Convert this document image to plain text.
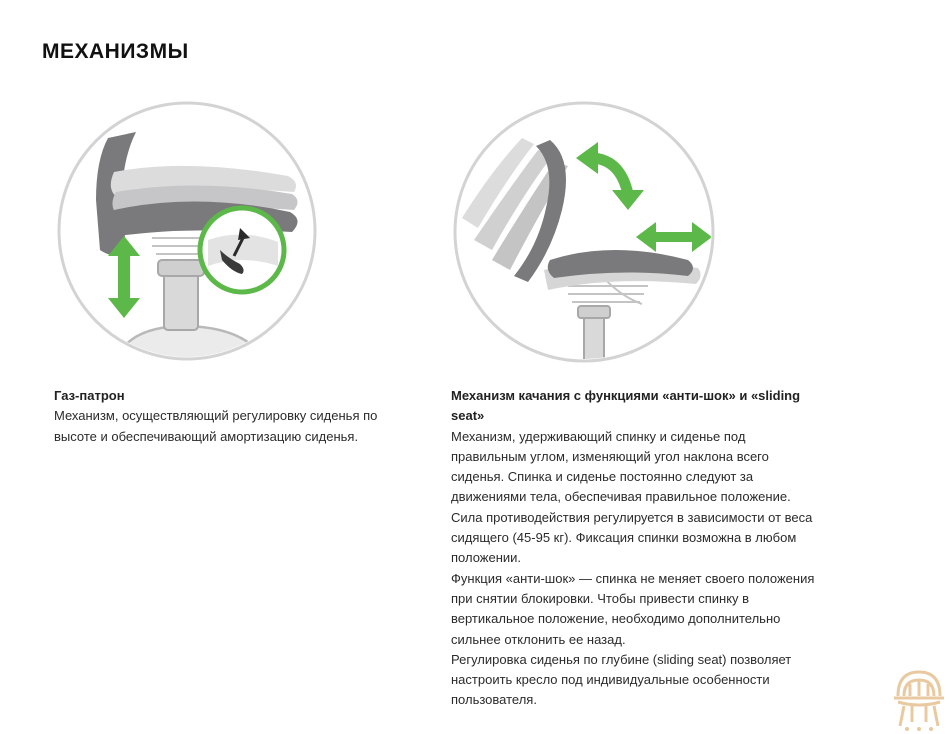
МЕХАНИЗМЫ
Газ-патрон

Механизм, осуществляющий регулировку сиденья по высоте и обеспечивающий амортизацию сиденья.

Механизм качания с функциями «анти-шок» и «sliding seat»

Механизм, удерживающий спинку и сиденье под правильным углом, изменяющий угол наклона всего сиденья. Спинка и сиденье постоянно следуют за движениями тела, обеспечивая правильное положение. Сила противодействия регулируется в зависимости от веса сидящего (45-95 кг). Фиксация спинки возможна в любом положении.

Функция «анти-шок» — спинка не меняет своего положения при снятии блокировки. Чтобы привести спинку в вертикальное положение, необходимо дополнительно сильнее отклонить ее назад.

Регулировка сиденья по глубине (sliding seat) позволяет настроить кресло под индивидуальные особенности пользователя.
